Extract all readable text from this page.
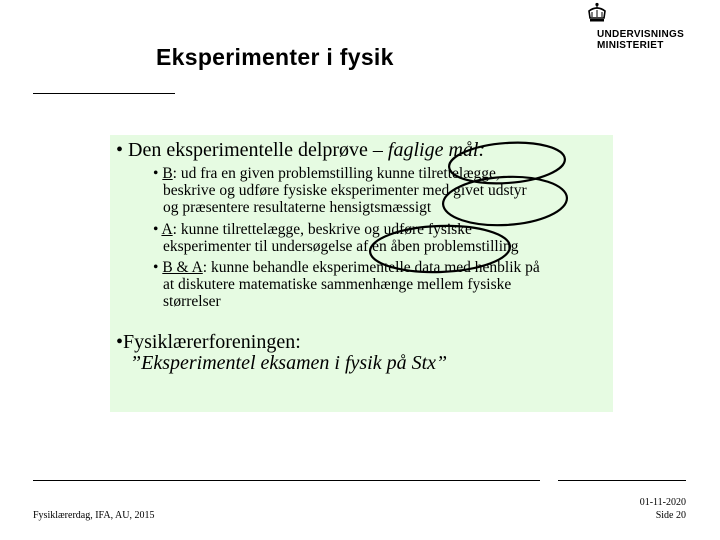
Eksperimenter i fysik
UNDERVISNINGS
MINISTERIET
• Den eksperimentelle delprøve – faglige mål:
• B: ud fra en given problemstilling kunne tilrettelægge,
beskrive og udføre fysiske eksperimenter med givet udstyr
og præsentere resultaterne hensigtsmæssigt
• A: kunne tilrettelægge, beskrive og udføre fysiske
eksperimenter til undersøgelse af en åben problemstilling
• B & A: kunne behandle eksperimentelle data med henblik på
at diskutere matematiske sammenhænge mellem fysiske
størrelser
•Fysiklærerforeningen:
”Eksperimentel eksamen i fysik på Stx”
Fysiklærerdag, IFA, AU, 2015
01-11-2020
Side 20
